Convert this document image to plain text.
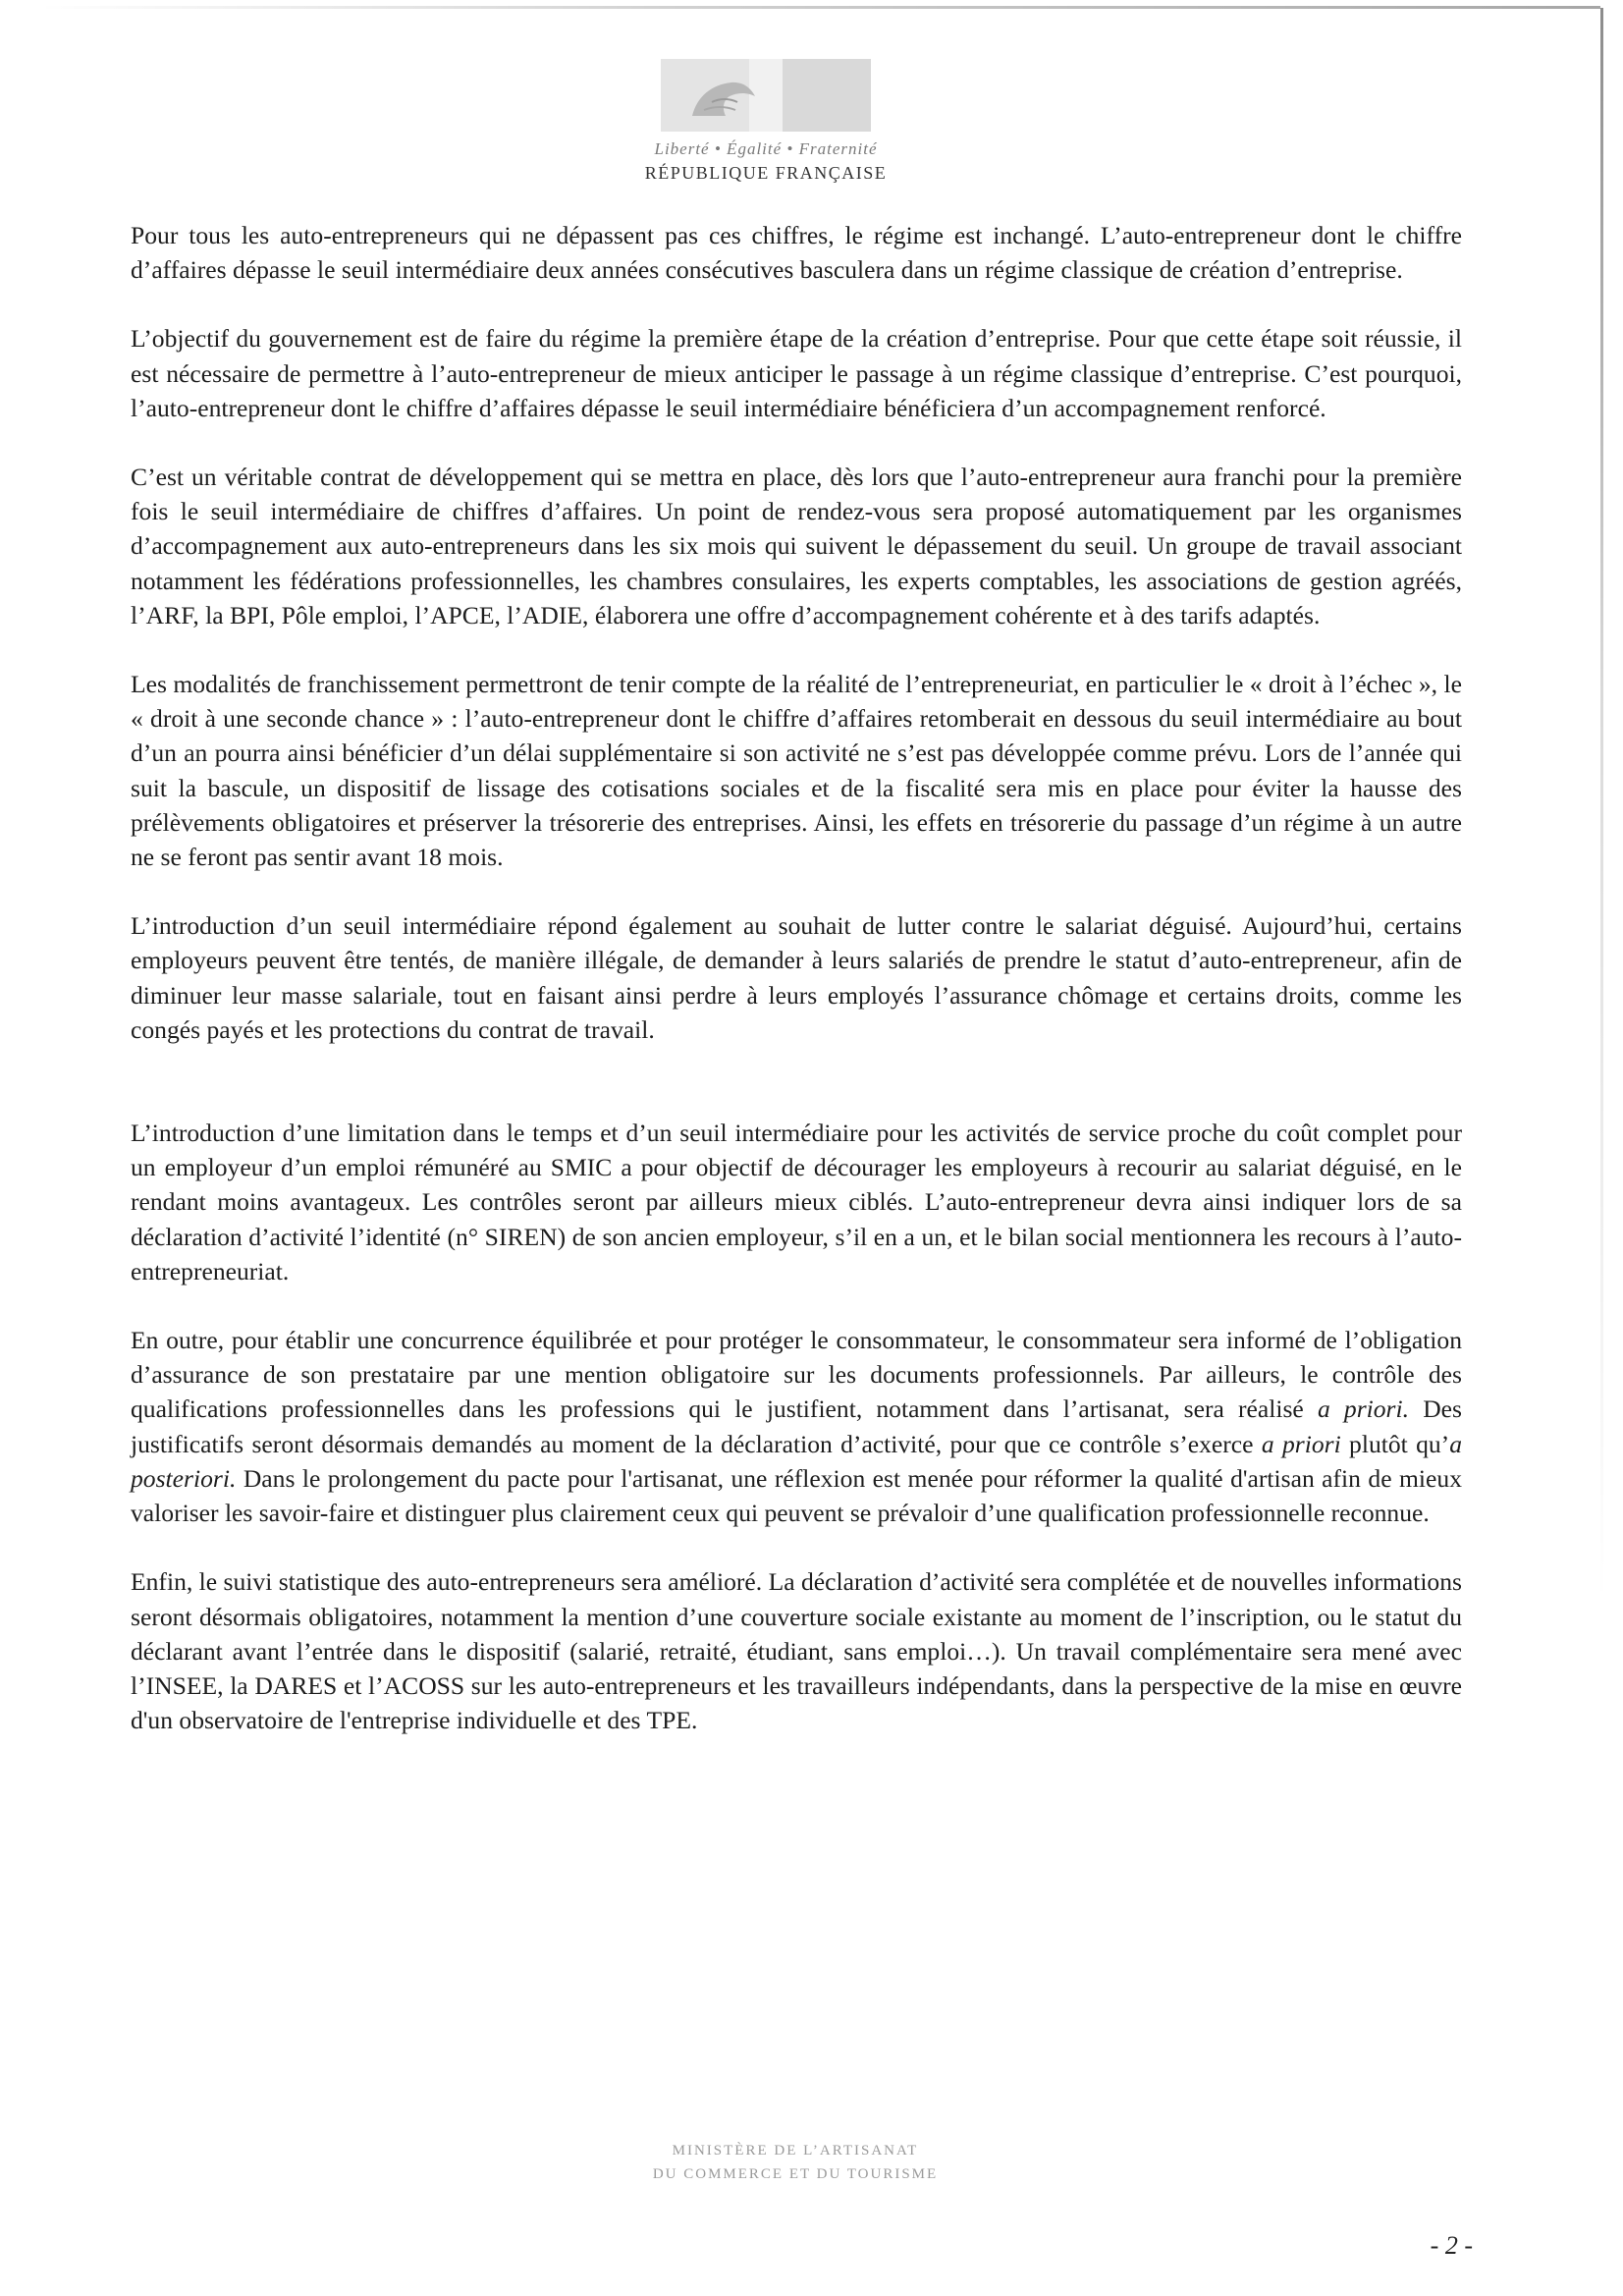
Liberté • Égalité • Fraternité
RÉPUBLIQUE FRANÇAISE

Pour tous les auto-entrepreneurs qui ne dépassent pas ces chiffres, le régime est inchangé. L’auto-entrepreneur dont le chiffre d’affaires dépasse le seuil intermédiaire deux années consécutives basculera dans un régime classique de création d’entreprise.

L’objectif du gouvernement est de faire du régime la première étape de la création d’entreprise. Pour que cette étape soit réussie, il est nécessaire de permettre à l’auto-entrepreneur de mieux anticiper le passage à un régime classique d’entreprise. C’est pourquoi, l’auto-entrepreneur dont le chiffre d’affaires dépasse le seuil intermédiaire bénéficiera d’un accompagnement renforcé.

C’est un véritable contrat de développement qui se mettra en place, dès lors que l’auto-entrepreneur aura franchi pour la première fois le seuil intermédiaire de chiffres d’affaires. Un point de rendez-vous sera proposé automatiquement par les organismes d’accompagnement aux auto-entrepreneurs dans les six mois qui suivent le dépassement du seuil. Un groupe de travail associant notamment les fédérations professionnelles, les chambres consulaires, les experts comptables, les associations de gestion agréés, l’ARF, la BPI, Pôle emploi, l’APCE, l’ADIE, élaborera une offre d’accompagnement cohérente et à des tarifs adaptés.

Les modalités de franchissement permettront de tenir compte de la réalité de l’entrepreneuriat, en particulier le « droit à l’échec », le « droit à une seconde chance » : l’auto-entrepreneur dont le chiffre d’affaires retomberait en dessous du seuil intermédiaire au bout d’un an pourra ainsi bénéficier d’un délai supplémentaire si son activité ne s’est pas développée comme prévu. Lors de l’année qui suit la bascule, un dispositif de lissage des cotisations sociales et de la fiscalité sera mis en place pour éviter la hausse des prélèvements obligatoires et préserver la trésorerie des entreprises. Ainsi, les effets en trésorerie du passage d’un régime à un autre ne se feront pas sentir avant 18 mois.

L’introduction d’un seuil intermédiaire répond également au souhait de lutter contre le salariat déguisé. Aujourd’hui, certains employeurs peuvent être tentés, de manière illégale, de demander à leurs salariés de prendre le statut d’auto-entrepreneur, afin de diminuer leur masse salariale, tout en faisant ainsi perdre à leurs employés l’assurance chômage et certains droits, comme les congés payés et les protections du contrat de travail.

L’introduction d’une limitation dans le temps et d’un seuil intermédiaire pour les activités de service proche du coût complet pour un employeur d’un emploi rémunéré au SMIC a pour objectif de décourager les employeurs à recourir au salariat déguisé, en le rendant moins avantageux. Les contrôles seront par ailleurs mieux ciblés. L’auto-entrepreneur devra ainsi indiquer lors de sa déclaration d’activité l’identité (n° SIREN) de son ancien employeur, s’il en a un, et le bilan social mentionnera les recours à l’auto-entrepreneuriat.

En outre, pour établir une concurrence équilibrée et pour protéger le consommateur, le consommateur sera informé de l’obligation d’assurance de son prestataire par une mention obligatoire sur les documents professionnels. Par ailleurs, le contrôle des qualifications professionnelles dans les professions qui le justifient, notamment dans l’artisanat, sera réalisé a priori. Des justificatifs seront désormais demandés au moment de la déclaration d’activité, pour que ce contrôle s’exerce a priori plutôt qu’a posteriori. Dans le prolongement du pacte pour l'artisanat, une réflexion est menée pour réformer la qualité d'artisan afin de mieux valoriser les savoir-faire et distinguer plus clairement ceux qui peuvent se prévaloir d’une qualification professionnelle reconnue.

Enfin, le suivi statistique des auto-entrepreneurs sera amélioré. La déclaration d’activité sera complétée et de nouvelles informations seront désormais obligatoires, notamment la mention d’une couverture sociale existante au moment de l’inscription, ou le statut du déclarant avant l’entrée dans le dispositif (salarié, retraité, étudiant, sans emploi…). Un travail complémentaire sera mené avec l’INSEE, la DARES et l’ACOSS sur les auto-entrepreneurs et les travailleurs indépendants, dans la perspective de la mise en œuvre d'un observatoire de l'entreprise individuelle et des TPE.

MINISTÈRE DE L’ARTISANAT
DU COMMERCE ET DU TOURISME
- 2 -
